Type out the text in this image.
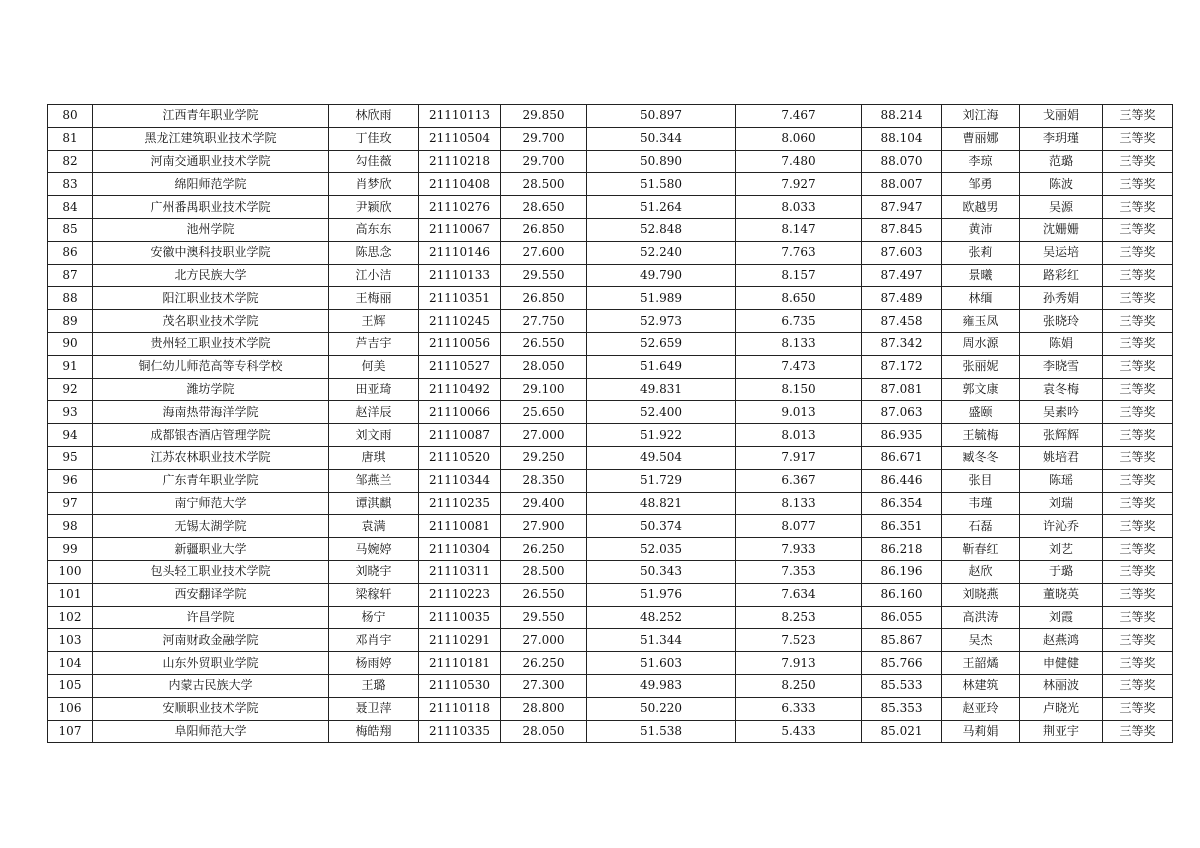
80	江西青年职业学院	林欣雨	21110113	29.850	50.897	7.467	88.214	刘江海	戈丽娟	三等奖
81	黑龙江建筑职业技术学院	丁佳玫	21110504	29.700	50.344	8.060	88.104	曹丽娜	李玥瑾	三等奖
82	河南交通职业技术学院	勾佳薇	21110218	29.700	50.890	7.480	88.070	李琼	范璐	三等奖
83	绵阳师范学院	肖梦欣	21110408	28.500	51.580	7.927	88.007	邹勇	陈波	三等奖
84	广州番禺职业技术学院	尹颖欣	21110276	28.650	51.264	8.033	87.947	欧越男	吴源	三等奖
85	池州学院	高东东	21110067	26.850	52.848	8.147	87.845	黄沛	沈姗姗	三等奖
86	安徽中澳科技职业学院	陈思念	21110146	27.600	52.240	7.763	87.603	张莉	吴运培	三等奖
87	北方民族大学	江小洁	21110133	29.550	49.790	8.157	87.497	景曦	路彩红	三等奖
88	阳江职业技术学院	王梅丽	21110351	26.850	51.989	8.650	87.489	林缅	孙秀娟	三等奖
89	茂名职业技术学院	王辉	21110245	27.750	52.973	6.735	87.458	雍玉凤	张晓玲	三等奖
90	贵州轻工职业技术学院	芦吉宇	21110056	26.550	52.659	8.133	87.342	周水源	陈娟	三等奖
91	铜仁幼儿师范高等专科学校	何美	21110527	28.050	51.649	7.473	87.172	张丽妮	李晓雪	三等奖
92	潍坊学院	田亚琦	21110492	29.100	49.831	8.150	87.081	郭文康	袁冬梅	三等奖
93	海南热带海洋学院	赵洋辰	21110066	25.650	52.400	9.013	87.063	盛颐	吴素吟	三等奖
94	成都银杏酒店管理学院	刘文雨	21110087	27.000	51.922	8.013	86.935	王毓梅	张辉辉	三等奖
95	江苏农林职业技术学院	唐琪	21110520	29.250	49.504	7.917	86.671	臧冬冬	姚培君	三等奖
96	广东青年职业学院	邹燕兰	21110344	28.350	51.729	6.367	86.446	张目	陈瑶	三等奖
97	南宁师范大学	谭淇麒	21110235	29.400	48.821	8.133	86.354	韦瑾	刘瑞	三等奖
98	无锡太湖学院	袁满	21110081	27.900	50.374	8.077	86.351	石磊	许沁乔	三等奖
99	新疆职业大学	马婉婷	21110304	26.250	52.035	7.933	86.218	靳春红	刘艺	三等奖
100	包头轻工职业技术学院	刘晓宇	21110311	28.500	50.343	7.353	86.196	赵欣	于璐	三等奖
101	西安翻译学院	梁稼轩	21110223	26.550	51.976	7.634	86.160	刘晓燕	董晓英	三等奖
102	许昌学院	杨宁	21110035	29.550	48.252	8.253	86.055	高洪涛	刘霞	三等奖
103	河南财政金融学院	邓肖宇	21110291	27.000	51.344	7.523	85.867	吴杰	赵燕鸿	三等奖
104	山东外贸职业学院	杨雨婷	21110181	26.250	51.603	7.913	85.766	王韶燏	申健健	三等奖
105	内蒙古民族大学	王璐	21110530	27.300	49.983	8.250	85.533	林建筑	林丽波	三等奖
106	安顺职业技术学院	聂卫萍	21110118	28.800	50.220	6.333	85.353	赵亚玲	卢晓光	三等奖
107	阜阳师范大学	梅皓翔	21110335	28.050	51.538	5.433	85.021	马莉娟	荆亚宇	三等奖
